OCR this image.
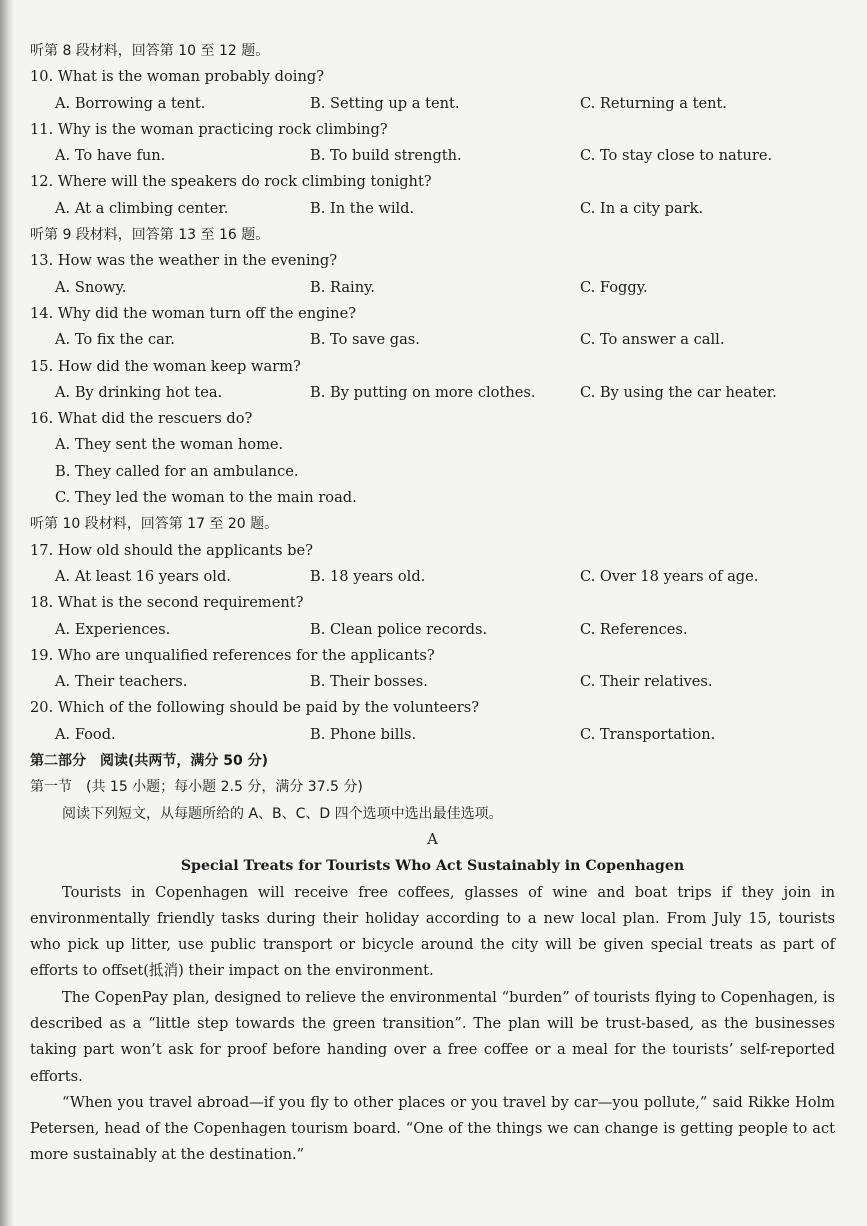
听第 8 段材料，回答第 10 至 12 题。
10. What is the woman probably doing?
A. Borrowing a tent.	B. Setting up a tent.	C. Returning a tent.
11. Why is the woman practicing rock climbing?
A. To have fun.	B. To build strength.	C. To stay close to nature.
12. Where will the speakers do rock climbing tonight?
A. At a climbing center.	B. In the wild.	C. In a city park.
听第 9 段材料，回答第 13 至 16 题。
13. How was the weather in the evening?
A. Snowy.	B. Rainy.	C. Foggy.
14. Why did the woman turn off the engine?
A. To fix the car.	B. To save gas.	C. To answer a call.
15. How did the woman keep warm?
A. By drinking hot tea.	B. By putting on more clothes.	C. By using the car heater.
16. What did the rescuers do?
A. They sent the woman home.
B. They called for an ambulance.
C. They led the woman to the main road.
听第 10 段材料，回答第 17 至 20 题。
17. How old should the applicants be?
A. At least 16 years old.	B. 18 years old.	C. Over 18 years of age.
18. What is the second requirement?
A. Experiences.	B. Clean police records.	C. References.
19. Who are unqualified references for the applicants?
A. Their teachers.	B. Their bosses.	C. Their relatives.
20. Which of the following should be paid by the volunteers?
A. Food.	B. Phone bills.	C. Transportation.
第二部分　阅读(共两节，满分 50 分)
第一节　(共 15 小题；每小题 2.5 分，满分 37.5 分)
阅读下列短文，从每题所给的 A、B、C、D 四个选项中选出最佳选项。
A
Special Treats for Tourists Who Act Sustainably in Copenhagen

Tourists in Copenhagen will receive free coffees, glasses of wine and boat trips if they join in environmentally friendly tasks during their holiday according to a new local plan. From July 15, tourists who pick up litter, use public transport or bicycle around the city will be given special treats as part of efforts to offset(抵消) their impact on the environment.

The CopenPay plan, designed to relieve the environmental “burden” of tourists flying to Copenhagen, is described as a “little step towards the green transition”. The plan will be trust-based, as the businesses taking part won’t ask for proof before handing over a free coffee or a meal for the tourists’ self-reported efforts.

“When you travel abroad—if you fly to other places or you travel by car—you pollute,” said Rikke Holm Petersen, head of the Copenhagen tourism board. “One of the things we can change is getting people to act more sustainably at the destination.”
